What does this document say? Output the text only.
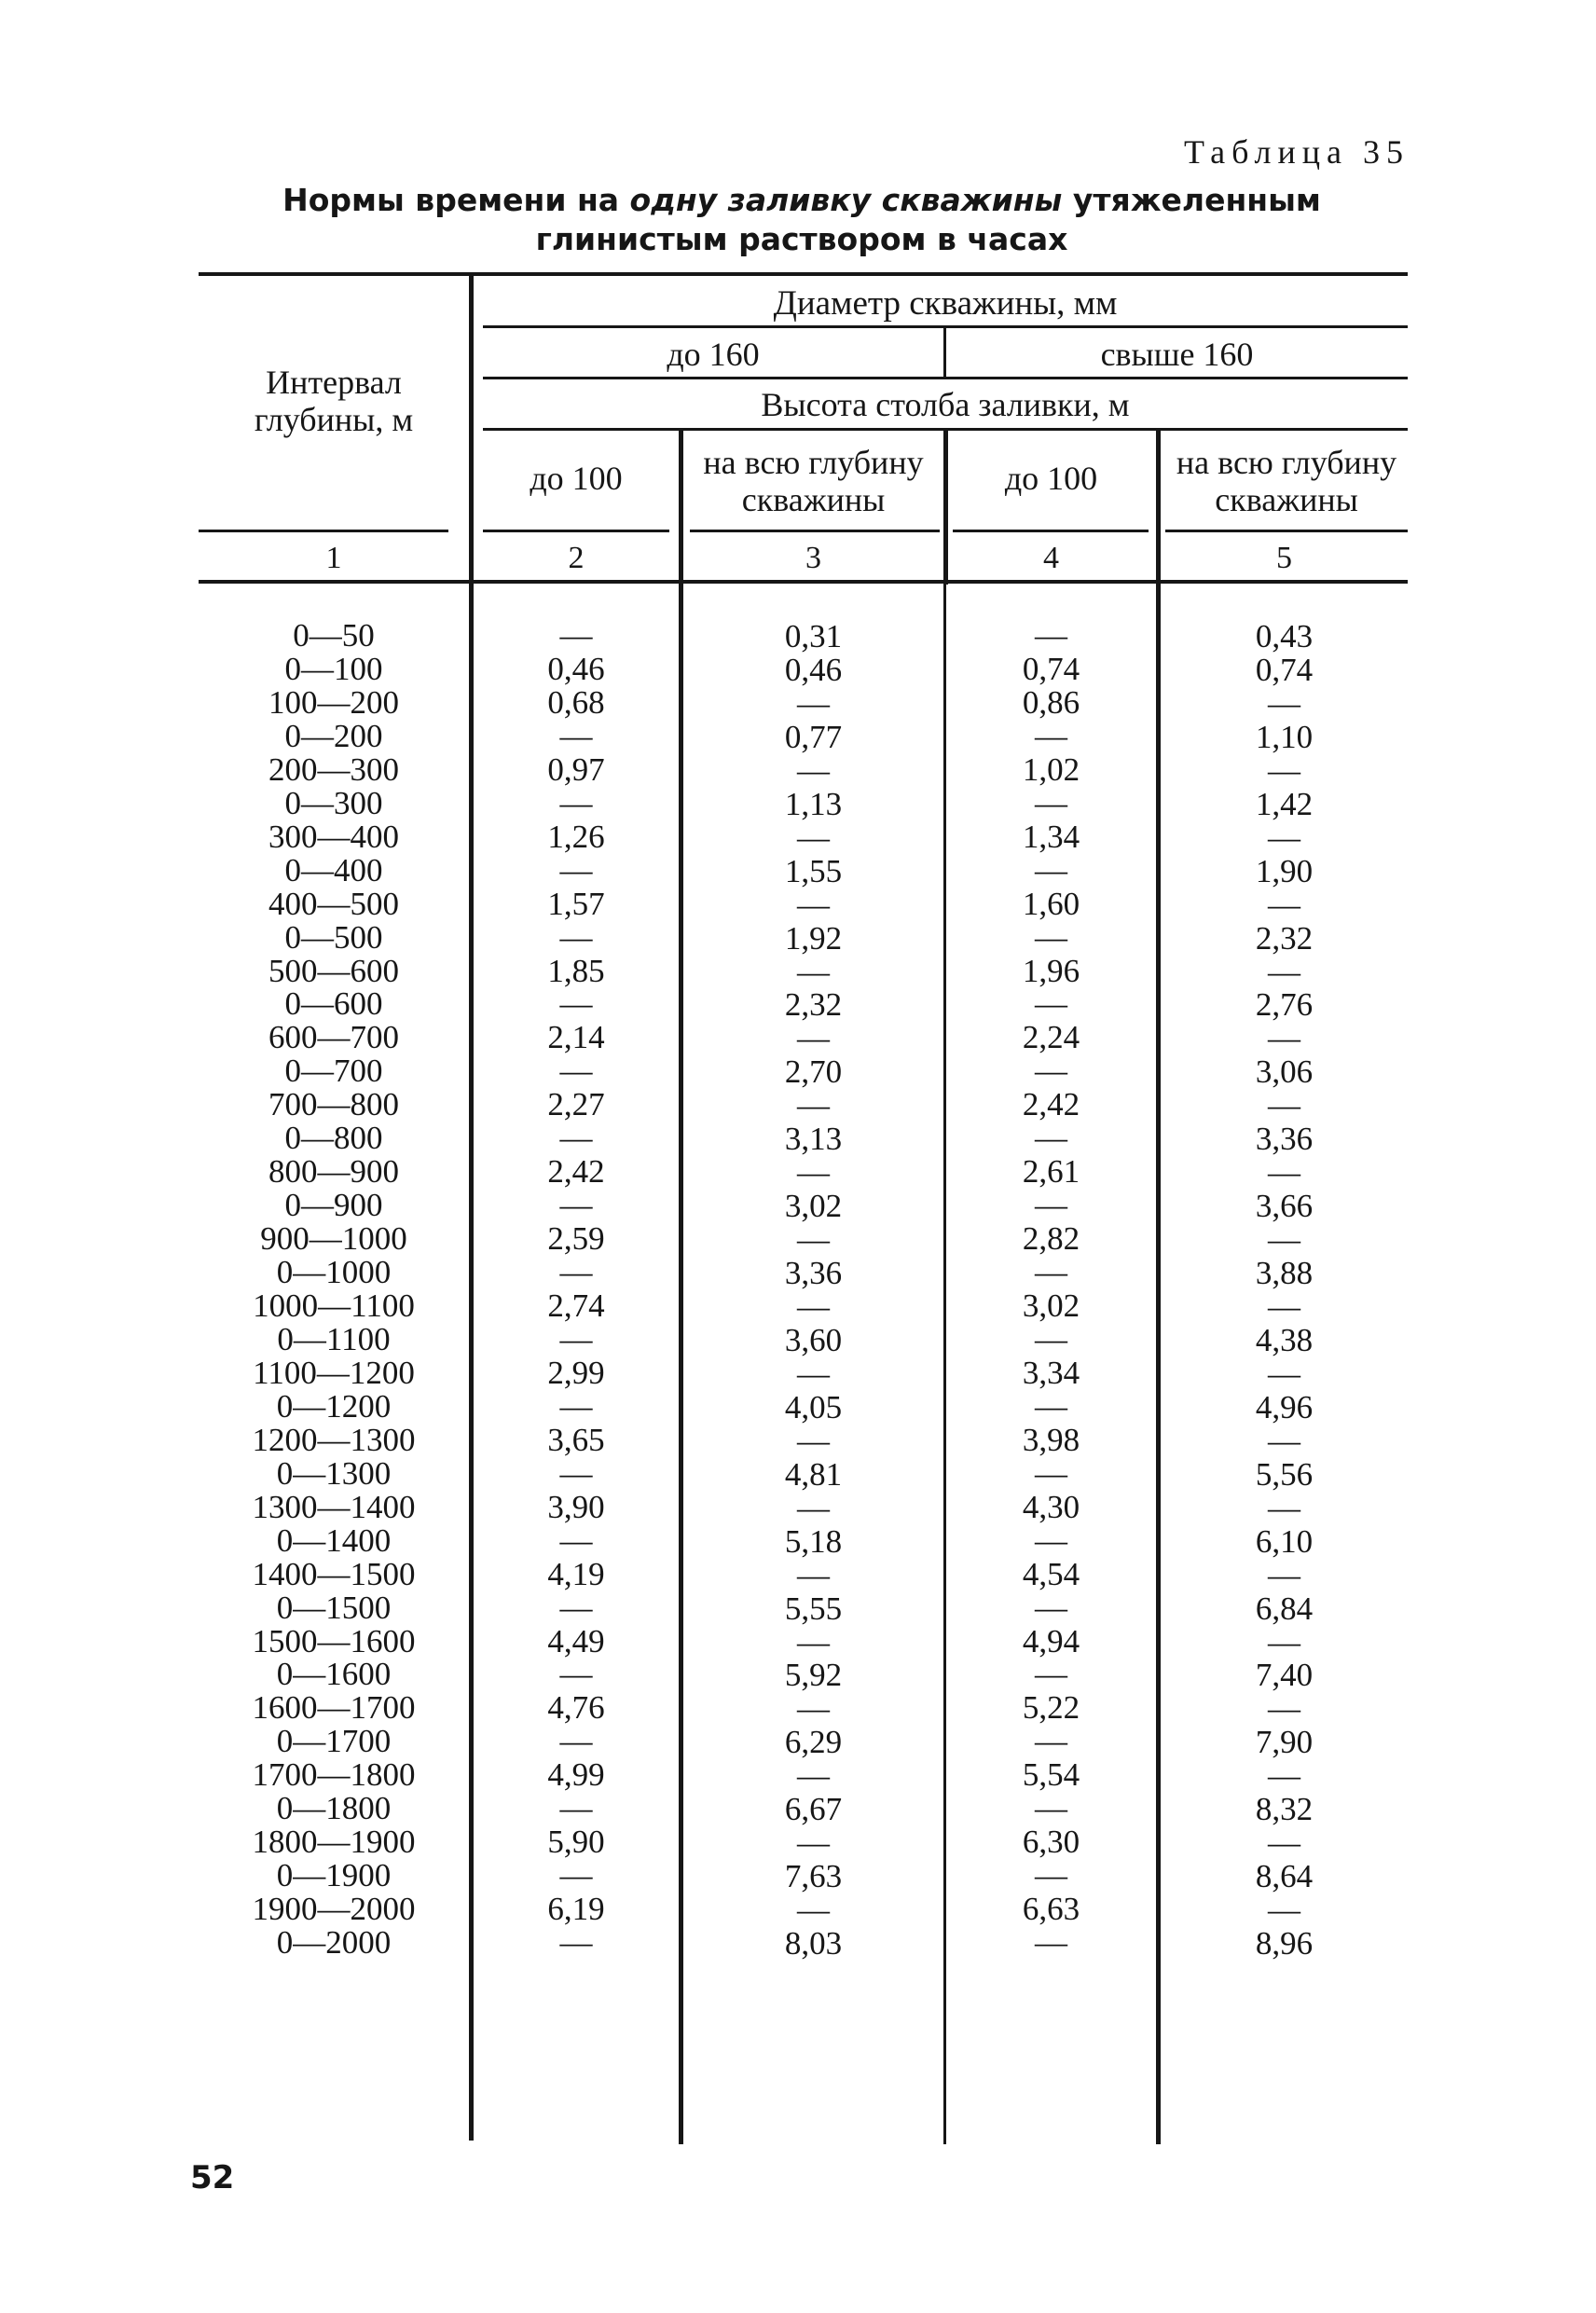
Таблица 35
Нормы времени на одну заливку скважины утяжеленным
глинистым раствором в часах
Интервал глубины, м
Диаметр скважины, мм
до 160	свыше 160
Высота столба заливки, м
до 100	на всю глубину скважины
до 100	на всю глубину скважины
1	2	3	4	5
0—50	—	0,31	—	0,43
0—100	0,46	0,46	0,74	0,74
100—200	0,68	—	0,86	—
0—200	—	0,77	—	1,10
200—300	0,97	—	1,02	—
0—300	—	1,13	—	1,42
300—400	1,26	—	1,34	—
0—400	—	1,55	—	1,90
400—500	1,57	—	1,60	—
0—500	—	1,92	—	2,32
500—600	1,85	—	1,96	—
0—600	—	2,32	—	2,76
600—700	2,14	—	2,24	—
0—700	—	2,70	—	3,06
700—800	2,27	—	2,42	—
0—800	—	3,13	—	3,36
800—900	2,42	—	2,61	—
0—900	—	3,02	—	3,66
900—1000	2,59	—	2,82	—
0—1000	—	3,36	—	3,88
1000—1100	2,74	—	3,02	—
0—1100	—	3,60	—	4,38
1100—1200	2,99	—	3,34	—
0—1200	—	4,05	—	4,96
1200—1300	3,65	—	3,98	—
0—1300	—	4,81	—	5,56
1300—1400	3,90	—	4,30	—
0—1400	—	5,18	—	6,10
1400—1500	4,19	—	4,54	—
0—1500	—	5,55	—	6,84
1500—1600	4,49	—	4,94	—
0—1600	—	5,92	—	7,40
1600—1700	4,76	—	5,22	—
0—1700	—	6,29	—	7,90
1700—1800	4,99	—	5,54	—
0—1800	—	6,67	—	8,32
1800—1900	5,90	—	6,30	—
0—1900	—	7,63	—	8,64
1900—2000	6,19	—	6,63	—
0—2000	—	8,03	—	8,96
52
